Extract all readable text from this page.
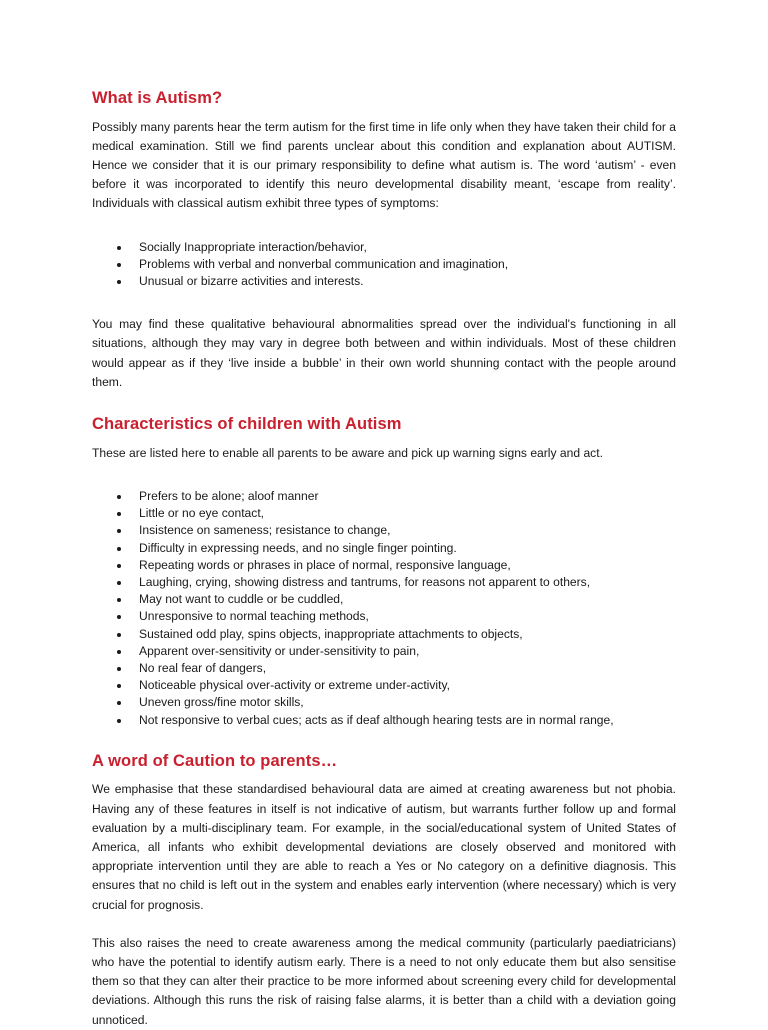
What is Autism?

Possibly many parents hear the term autism for the first time in life only when they have taken their child for a medical examination. Still we find parents unclear about this condition and explanation about AUTISM. Hence we consider that it is our primary responsibility to define what autism is. The word ‘autism’ - even before it was incorporated to identify this neuro developmental disability meant, ‘escape from reality’. Individuals with classical autism exhibit three types of symptoms:

Socially Inappropriate interaction/behavior,
Problems with verbal and nonverbal communication and imagination,
Unusual or bizarre activities and interests.

You may find these qualitative behavioural abnormalities spread over the individual's functioning in all situations, although they may vary in degree both between and within individuals. Most of these children would appear as if they ‘live inside a bubble’ in their own world shunning contact with the people around them.

Characteristics of children with Autism

These are listed here to enable all parents to be aware and pick up warning signs early and act.

Prefers to be alone; aloof manner
Little or no eye contact,
Insistence on sameness; resistance to change,
Difficulty in expressing needs, and no single finger pointing.
Repeating words or phrases in place of normal, responsive language,
Laughing, crying, showing distress and tantrums, for reasons not apparent to others,
May not want to cuddle or be cuddled,
Unresponsive to normal teaching methods,
Sustained odd play, spins objects, inappropriate attachments to objects,
Apparent over-sensitivity or under-sensitivity to pain,
No real fear of dangers,
Noticeable physical over-activity or extreme under-activity,
Uneven gross/fine motor skills,
Not responsive to verbal cues; acts as if deaf although hearing tests are in normal range,
A word of Caution to parents…

We emphasise that these standardised behavioural data are aimed at creating awareness but not phobia. Having any of these features in itself is not indicative of autism, but warrants further follow up and formal evaluation by a multi-disciplinary team. For example, in the social/educational system of United States of America, all infants who exhibit developmental deviations are closely observed and monitored with appropriate intervention until they are able to reach a Yes or No category on a definitive diagnosis. This ensures that no child is left out in the system and enables early intervention (where necessary) which is very crucial for prognosis.

This also raises the need to create awareness among the medical community (particularly paediatricians) who have the potential to identify autism early. There is a need to not only educate them but also sensitise them so that they can alter their practice to be more informed about screening every child for developmental deviations. Although this runs the risk of raising false alarms, it is better than a child with a deviation going unnoticed.
